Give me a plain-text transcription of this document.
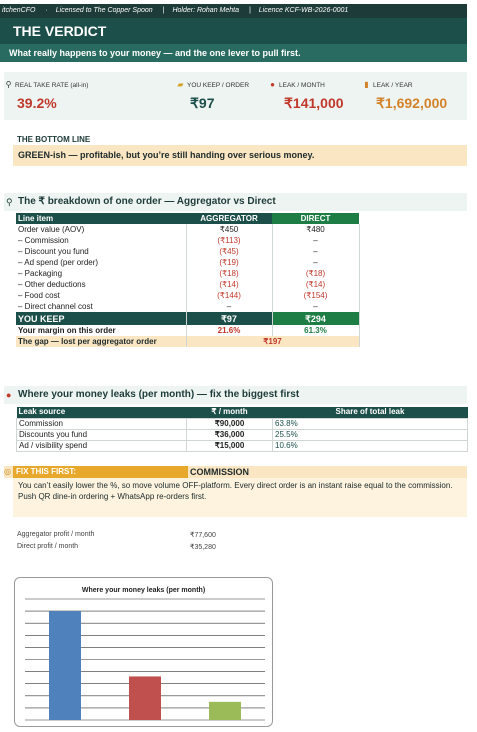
itchenCFO · Licensed to The Copper Spoon | Holder: Rohan Mehta | Licence KCF-WB-2026-0001
THE VERDICT
What really happens to your money — and the one lever to pull first.
⚲ REAL TAKE RATE (all-in)
39.2%
▰ YOU KEEP / ORDER
₹97
● LEAK / MONTH
₹141,000
▮ LEAK / YEAR
₹1,692,000
THE BOTTOM LINE
GREEN-ish — profitable, but you’re still handing over serious money.
⚲ The ₹ breakdown of one order — Aggregator vs Direct
Line item	AGGREGATOR	DIRECT
Order value (AOV)	₹450	₹480
– Commission	(₹113)	–
– Discount you fund	(₹45)	–
– Ad spend (per order)	(₹19)	–
– Packaging	(₹18)	(₹18)
– Other deductions	(₹14)	(₹14)
– Food cost	(₹144)	(₹154)
– Direct channel cost	–	–
YOU KEEP	₹97	₹294
Your margin on this order	21.6%	61.3%
The gap — lost per aggregator order	₹197	
● Where your money leaks (per month) — fix the biggest first
Leak source	₹ / month	Share of total leak
Commission	₹90,000	63.8%
Discounts you fund	₹36,000	25.5%
Ad / visibility spend	₹15,000	10.6%
◎ FIX THIS FIRST:	COMMISSION
You can’t easily lower the %, so move volume OFF-platform. Every direct order is an instant raise equal to the commission. Push QR dine-in ordering + WhatsApp re-orders first.
Aggregator profit / month	₹77,600
Direct profit / month	₹35,280
Where your money leaks (per month)
